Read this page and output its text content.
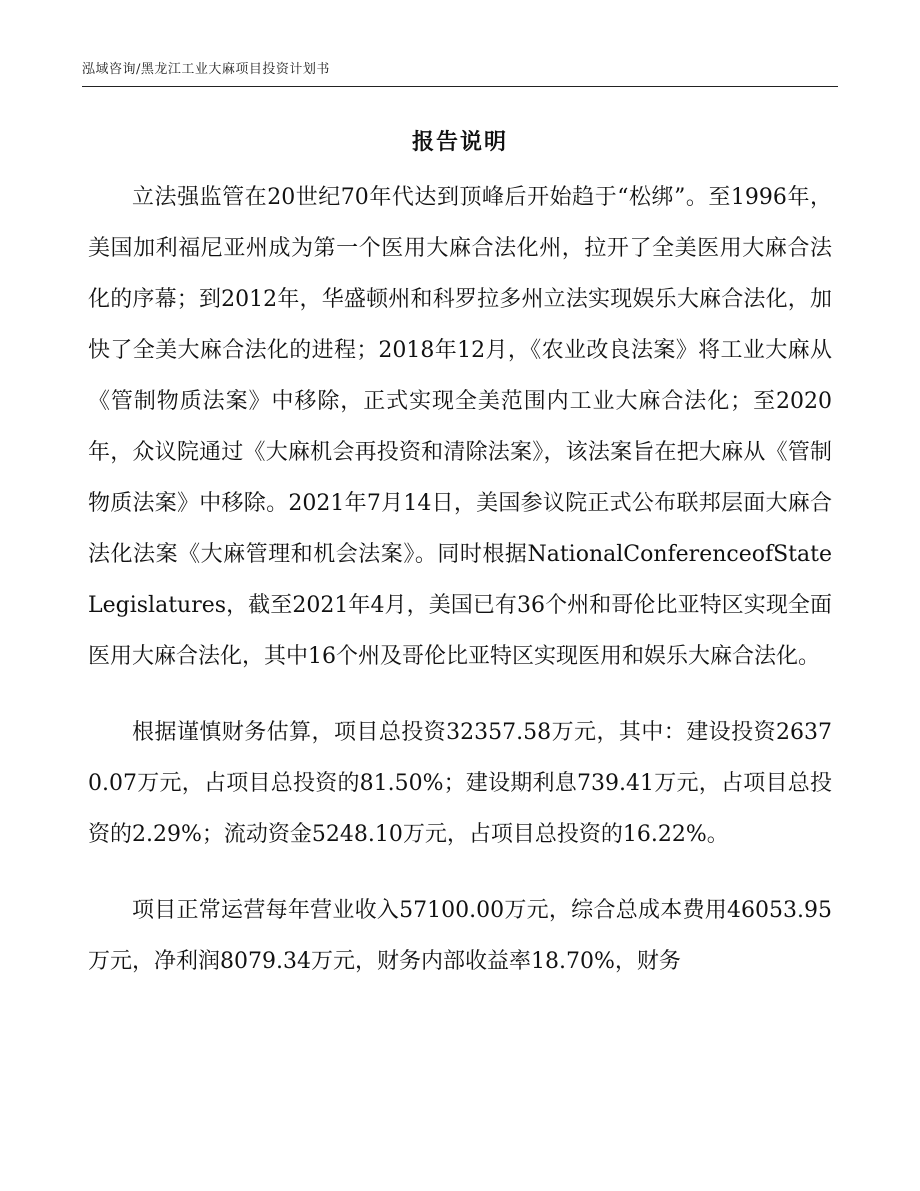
泓域咨询/黑龙江工业大麻项目投资计划书
报告说明

立法强监管在20世纪70年代达到顶峰后开始趋于“松绑”。至1996年，美国加利福尼亚州成为第一个医用大麻合法化州，拉开了全美医用大麻合法化的序幕；到2012年，华盛顿州和科罗拉多州立法实现娱乐大麻合法化，加快了全美大麻合法化的进程；2018年12月，《农业改良法案》将工业大麻从《管制物质法案》中移除，正式实现全美范围内工业大麻合法化；至2020年，众议院通过《大麻机会再投资和清除法案》，该法案旨在把大麻从《管制物质法案》中移除。2021年7月14日，美国参议院正式公布联邦层面大麻合法化法案《大麻管理和机会法案》。同时根据NationalConferenceofStateLegislatures，截至2021年4月，美国已有36个州和哥伦比亚特区实现全面医用大麻合法化，其中16个州及哥伦比亚特区实现医用和娱乐大麻合法化。

根据谨慎财务估算，项目总投资32357.58万元，其中：建设投资26370.07万元，占项目总投资的81.50%；建设期利息739.41万元，占项目总投资的2.29%；流动资金5248.10万元，占项目总投资的16.22%。

项目正常运营每年营业收入57100.00万元，综合总成本费用46053.95万元，净利润8079.34万元，财务内部收益率18.70%，财务
